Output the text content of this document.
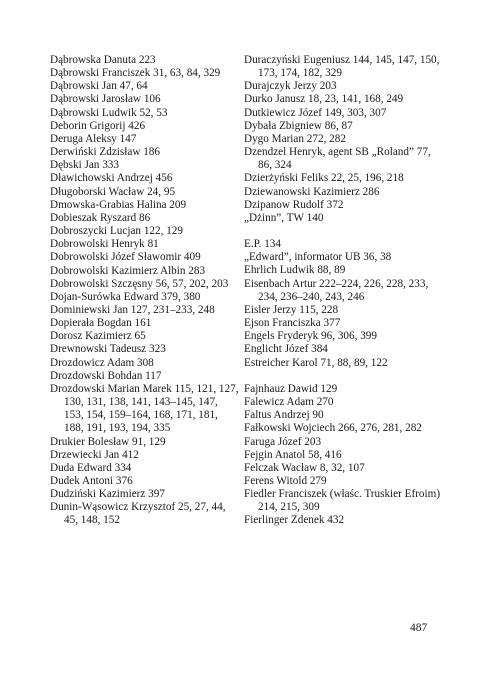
Dąbrowska Danuta 223
Dąbrowski Franciszek 31, 63, 84, 329
Dąbrowski Jan 47, 64
Dąbrowski Jarosław 106
Dąbrowski Ludwik 52, 53
Deborin Grigorij 426
Deruga Aleksy 147
Derwiński Zdzisław 186
Dębski Jan 333
Dławichowski Andrzej 456
Długoborski Wacław 24, 95
Dmowska-Grabias Halina 209
Dobieszak Ryszard 86
Dobroszycki Lucjan 122, 129
Dobrowolski Henryk 81
Dobrowolski Józef Sławomir 409
Dobrowolski Kazimierz Albin 283
Dobrowolski Szczęsny 56, 57, 202, 203
Dojan-Surówka Edward 379, 380
Dominiewski Jan 127, 231–233, 248
Dopierała Bogdan 161
Dorosz Kazimierz 65
Drewnowski Tadeusz 323
Drozdowicz Adam 308
Drozdowski Bohdan 117
Drozdowski Marian Marek 115, 121, 127, 130, 131, 138, 141, 143–145, 147, 153, 154, 159–164, 168, 171, 181, 188, 191, 193, 194, 335
Drukier Bolesław 91, 129
Drzewiecki Jan 412
Duda Edward 334
Dudek Antoni 376
Dudziński Kazimierz 397
Dunin-Wąsowicz Krzysztof 25, 27, 44, 45, 148, 152
Duraczyński Eugeniusz 144, 145, 147, 150, 173, 174, 182, 329
Durajczyk Jerzy 203
Durko Janusz 18, 23, 141, 168, 249
Dutkiewicz Józef 149, 303, 307
Dybała Zbigniew 86, 87
Dygo Marian 272, 282
Dzendzel Henryk, agent SB „Roland” 77, 86, 324
Dzierżyński Feliks 22, 25, 196, 218
Dziewanowski Kazimierz 286
Dzipanow Rudolf 372
„Dżinn”, TW 140
E.P. 134
„Edward”, informator UB 36, 38
Ehrlich Ludwik 88, 89
Eisenbach Artur 222–224, 226, 228, 233, 234, 236–240, 243, 246
Eisler Jerzy 115, 228
Ejson Franciszka 377
Engels Fryderyk 96, 306, 399
Englicht Józef 384
Estreicher Karol 71, 88, 89, 122
Fajnhauz Dawid 129
Falewicz Adam 270
Faltus Andrzej 90
Fałkowski Wojciech 266, 276, 281, 282
Faruga Józef 203
Fejgin Anatol 58, 416
Felczak Wacław 8, 32, 107
Ferens Witold 279
Fiedler Franciszek (właśc. Truskier Efroim) 214, 215, 309
Fierlinger Zdenek 432
487
